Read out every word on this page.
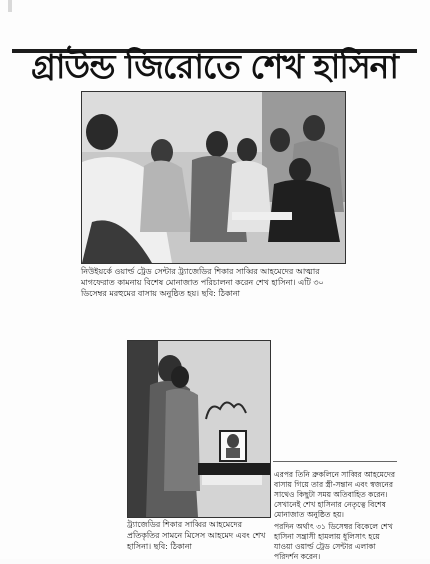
গ্রাউন্ড জিরোতে শেখ হাসিনা
নিউইয়র্কে ওয়ার্ল্ড ট্রেড সেন্টার ট্র্যাজেডির শিকার সাব্বির আহমেদের আত্মার মাগফেরাত কামনায় বিশেষ মোনাজাত পরিচালনা করেন শেখ হাসিনা। এটি ৩০ ডিসেম্বর মরহুমের বাসায় অনুষ্ঠিত হয়। ছবি: ঠিকানা
ট্র্যাজেডির শিকার সাব্বির আহমেদের প্রতিকৃতির সামনে মিসেস আহমেদ এবং শেখ হাসিনা। ছবি: ঠিকানা

এরপর তিনি ব্রুকলিনে সাব্বির আহমেদের বাসায় গিয়ে তার স্ত্রী-সন্তান এবং স্বজনের সাথেও কিছুটা সময় অতিবাহিত করেন। সেখানেই শেখ হাসিনার নেতৃত্বে বিশেষ মোনাজাত অনুষ্ঠিত হয়।

পরদিন অর্থাৎ ৩১ ডিসেম্বর বিকেলে শেখ হাসিনা সন্ত্রাসী হামলায় ধুলিসাৎ হয়ে যাওয়া ওয়ার্ল্ড ট্রেড সেন্টার এলাকা পরিদর্শন করেন।
